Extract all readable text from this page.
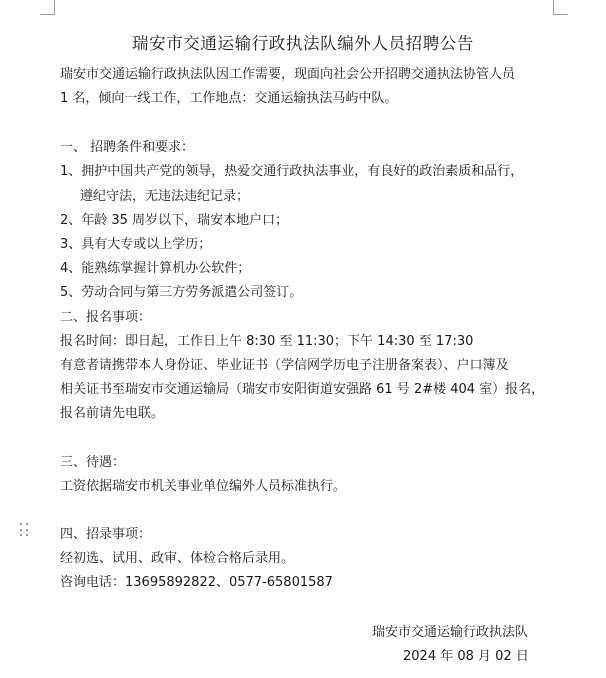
瑞安市交通运输行政执法队编外人员招聘公告
瑞安市交通运输行政执法队因工作需要，现面向社会公开招聘交通执法协管人员
1 名，倾向一线工作，工作地点：交通运输执法马屿中队。
一、 招聘条件和要求：
1、拥护中国共产党的领导，热爱交通行政执法事业，有良好的政治素质和品行，
遵纪守法，无违法违纪记录；
2、年龄 35 周岁以下，瑞安本地户口；
3、具有大专或以上学历；
4、能熟练掌握计算机办公软件；
5、劳动合同与第三方劳务派遣公司签订。
二、报名事项：
报名时间：即日起，工作日上午 8:30 至 11:30；下午 14:30 至 17:30
有意者请携带本人身份证、毕业证书（学信网学历电子注册备案表）、户口簿及
相关证书至瑞安市交通运输局（瑞安市安阳街道安强路 61 号 2#楼 404 室）报名，
报名前请先电联。
三、待遇：
工资依据瑞安市机关事业单位编外人员标准执行。
四、招录事项：
经初选、试用、政审、体检合格后录用。
咨询电话：13695892822、0577-65801587
瑞安市交通运输行政执法队
2024 年 08 月 02 日
